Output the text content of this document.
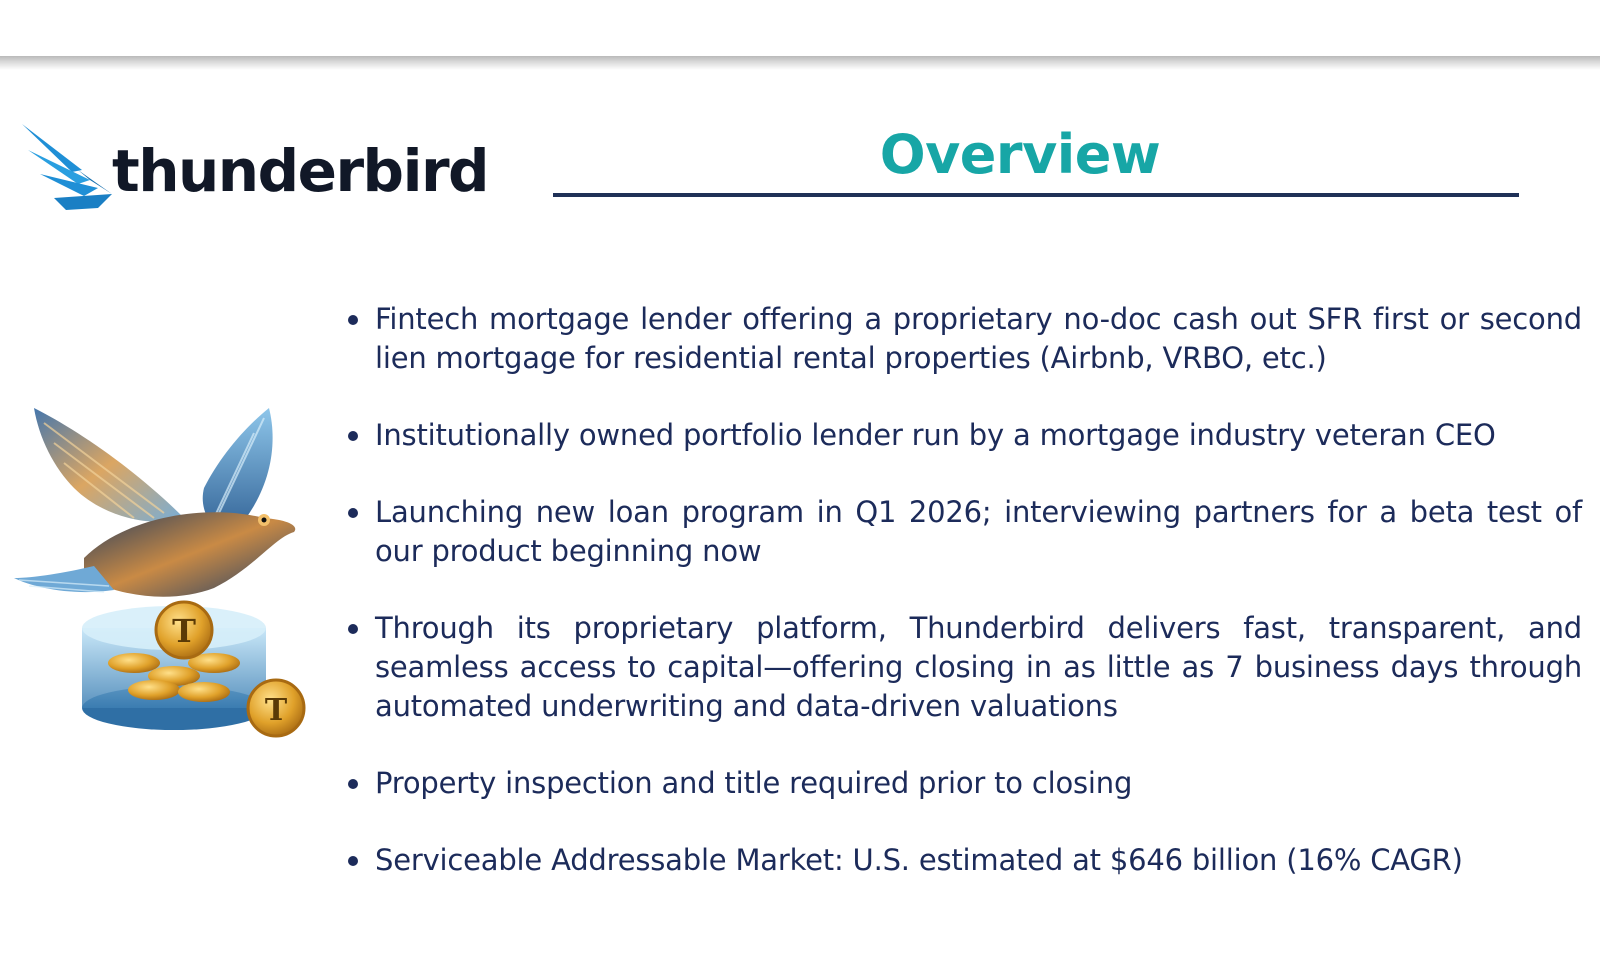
thunderbird	Overview
T
T
Fintech mortgage lender offering a proprietary no-doc cash out SFR first or second lien mortgage for residential rental properties (Airbnb, VRBO, etc.)
Institutionally owned portfolio lender run by a mortgage industry veteran CEO
Launching new loan program in Q1 2026; interviewing partners for a beta test of our product beginning now
Through its proprietary platform, Thunderbird delivers fast, transparent, and seamless access to capital—offering closing in as little as 7 business days through automated underwriting and data-driven valuations
Property inspection and title required prior to closing
Serviceable Addressable Market: U.S. estimated at $646 billion (16% CAGR)
